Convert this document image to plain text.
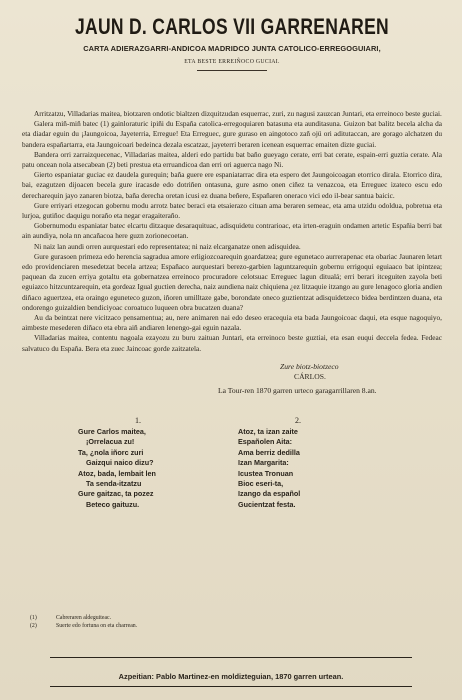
JAUN D. CARLOS VII GARRENAREN
CARTA ADIERAZGARRI-ANDICOA MADRIDCO JUNTA CATOLICO-ERREGOGUIARI,
ETA BESTE ERREIÑOCO GUCIAI.

Arritzatzu, Villadarias maitea, biotzaren ondotic bialtzen dizquitzudan esquerrac, zuri, zu nagusi zauzcan Juntari, eta erreinoco beste guciai.

Galera miñ-miñ batec (1) gainloraturic ipiñi du España catolica-erregoquiaren batasuna eta aunditasuna. Guizon bat balitz becela alcha da eta diadar eguin du ¡Jaungoicoa, Jayeterria, Erregue! Eta Erreguec, gure guraso en aingotoco zañ ojü ori aditutaccan, are gorago alchatzen du bandera españartarra, eta Jaungoicoari bedeinca dezala escatzaz, jayeterri beraren icenean esquerrac emaiten dizte guciai.

Bandera orri zarraizquecenac, Villadarias maitea, alderi edo partidu bat baño gueyago cerate, erri bat cerate, espain-erri guztia cerate. Ala patu oncean nola atsecabean (2) beti prestua eta erruandicoa dan erri ori aguerca nago Ni.

Gierto espaniatar guciac ez daudela gurequin; baña guere ere espaniatarrac dira eta espero det Jaungoicoagan etorrico dirala. Etorrico dira, bai, ezagutzen dijoacen becela gure iracasde edo dotriñen ontasuna, gure asmo onen ciñez ta venazcoa, eta Erreguec izateco escu edo derecharequin jayo zanaren biotza, baña derecha oretan icusi ez duana beñere, Españaren oneraco vici edo il-bear santua baicic.

Gure erriyari etzegocan gobernu modu arrotz batec beraci eta etsaierazo cituan ama beraren semeac, eta ama utzidu odoldua, pobretua eta lurjoa, gutiñoc daquigu noraño eta negar eragaiteraño.

Gobernumodu espaniatar batec elcartu ditzaque desaraquituac, adisquidetu contrarioac, eta irten-eraguin ondamen artetic Españia berri bat ain aundiya, nola nn ancañacoa here guzn zorionecoetan.

Ni naiz lan aundi orren aurquestari edo representatea; ni naiz elcarganatze onen adisquidea.

Gure gurasoen primeza edo herencia sagradua amore erligiozcoarequin goardatzea; gure egunetaco aurrerapenac eta obariac Jaunaren letart edo providenciaren mesedetzat becela artzea; Españaco aurquestari berezo-garbien laguntzarequin gobernu errigoqui eguiaaco bat ipintzea; paquean da zucen erriya gotaltu eta gobernatzea erreinoco procuradore celotsuac Erreguec lagun ditualá; erri berari itceguiten zayola beti eguiazco hitzcuntzarequin, eta gordeaz Igual guctien derecha, naiz aundiena naiz chiquiena ¿ez litzaquie itzango au gure lenagoco gloria andien diñaco aguertzea, eta oraingo eguneteco guzon, iñoren umilltaze gabe, borondate oneco guztientzat adisquidetzeco bidea berdintzen duana, eta ondorengo guizaldien bendiciyoac coroatuco luqueen obra bucatzen duana?

Au da beintzat nere vicitzaco pensamentua; au, nere animaren nai edo deseo eracequia eta bada Jaungoicoac daqui, eta esque nagoquiyo, aimbeste mesederen diñaco eta ebra aiñ andiaren lenengo-gai eguin nazala.

Villadarias maitea, contentu nagoala ezayozu zu buru zaituan Juntari, eta erreinoco beste guztiai, eta esan euqui deccela fedea. Fedeac salvatuco du España. Bera eta zuec Jaincoac gorde zaitzatela.

Zure biotz-biotzeco
CÁRLOS.
La Tour-ren 1870 garren urteco garagarrillaren 8.an.
1.
Gure Carlos maitea,
¡Orrelacua zu!
Ta, ¿nola iñorc zuri
Gaizqui naico dizu?
Atoz, bada, lembait len
Ta senda-itzatzu
Gure gaitzac, ta pozez
Beteco gaituzu.
2.
Atoz, ta izan zaite
Españolen Aita:
Ama berriz dedilla
Izan Margarita:
Icustea Tronuan
Bioc eseri-ta,
Izango da español
Gucientzat festa.
(1)	Cabreraren aldeguiteac.
(2)	Suerte edo fortuna on eta charrean.
Azpeitian: Pablo Martinez-en moldizteguian, 1870 garren urtean.
